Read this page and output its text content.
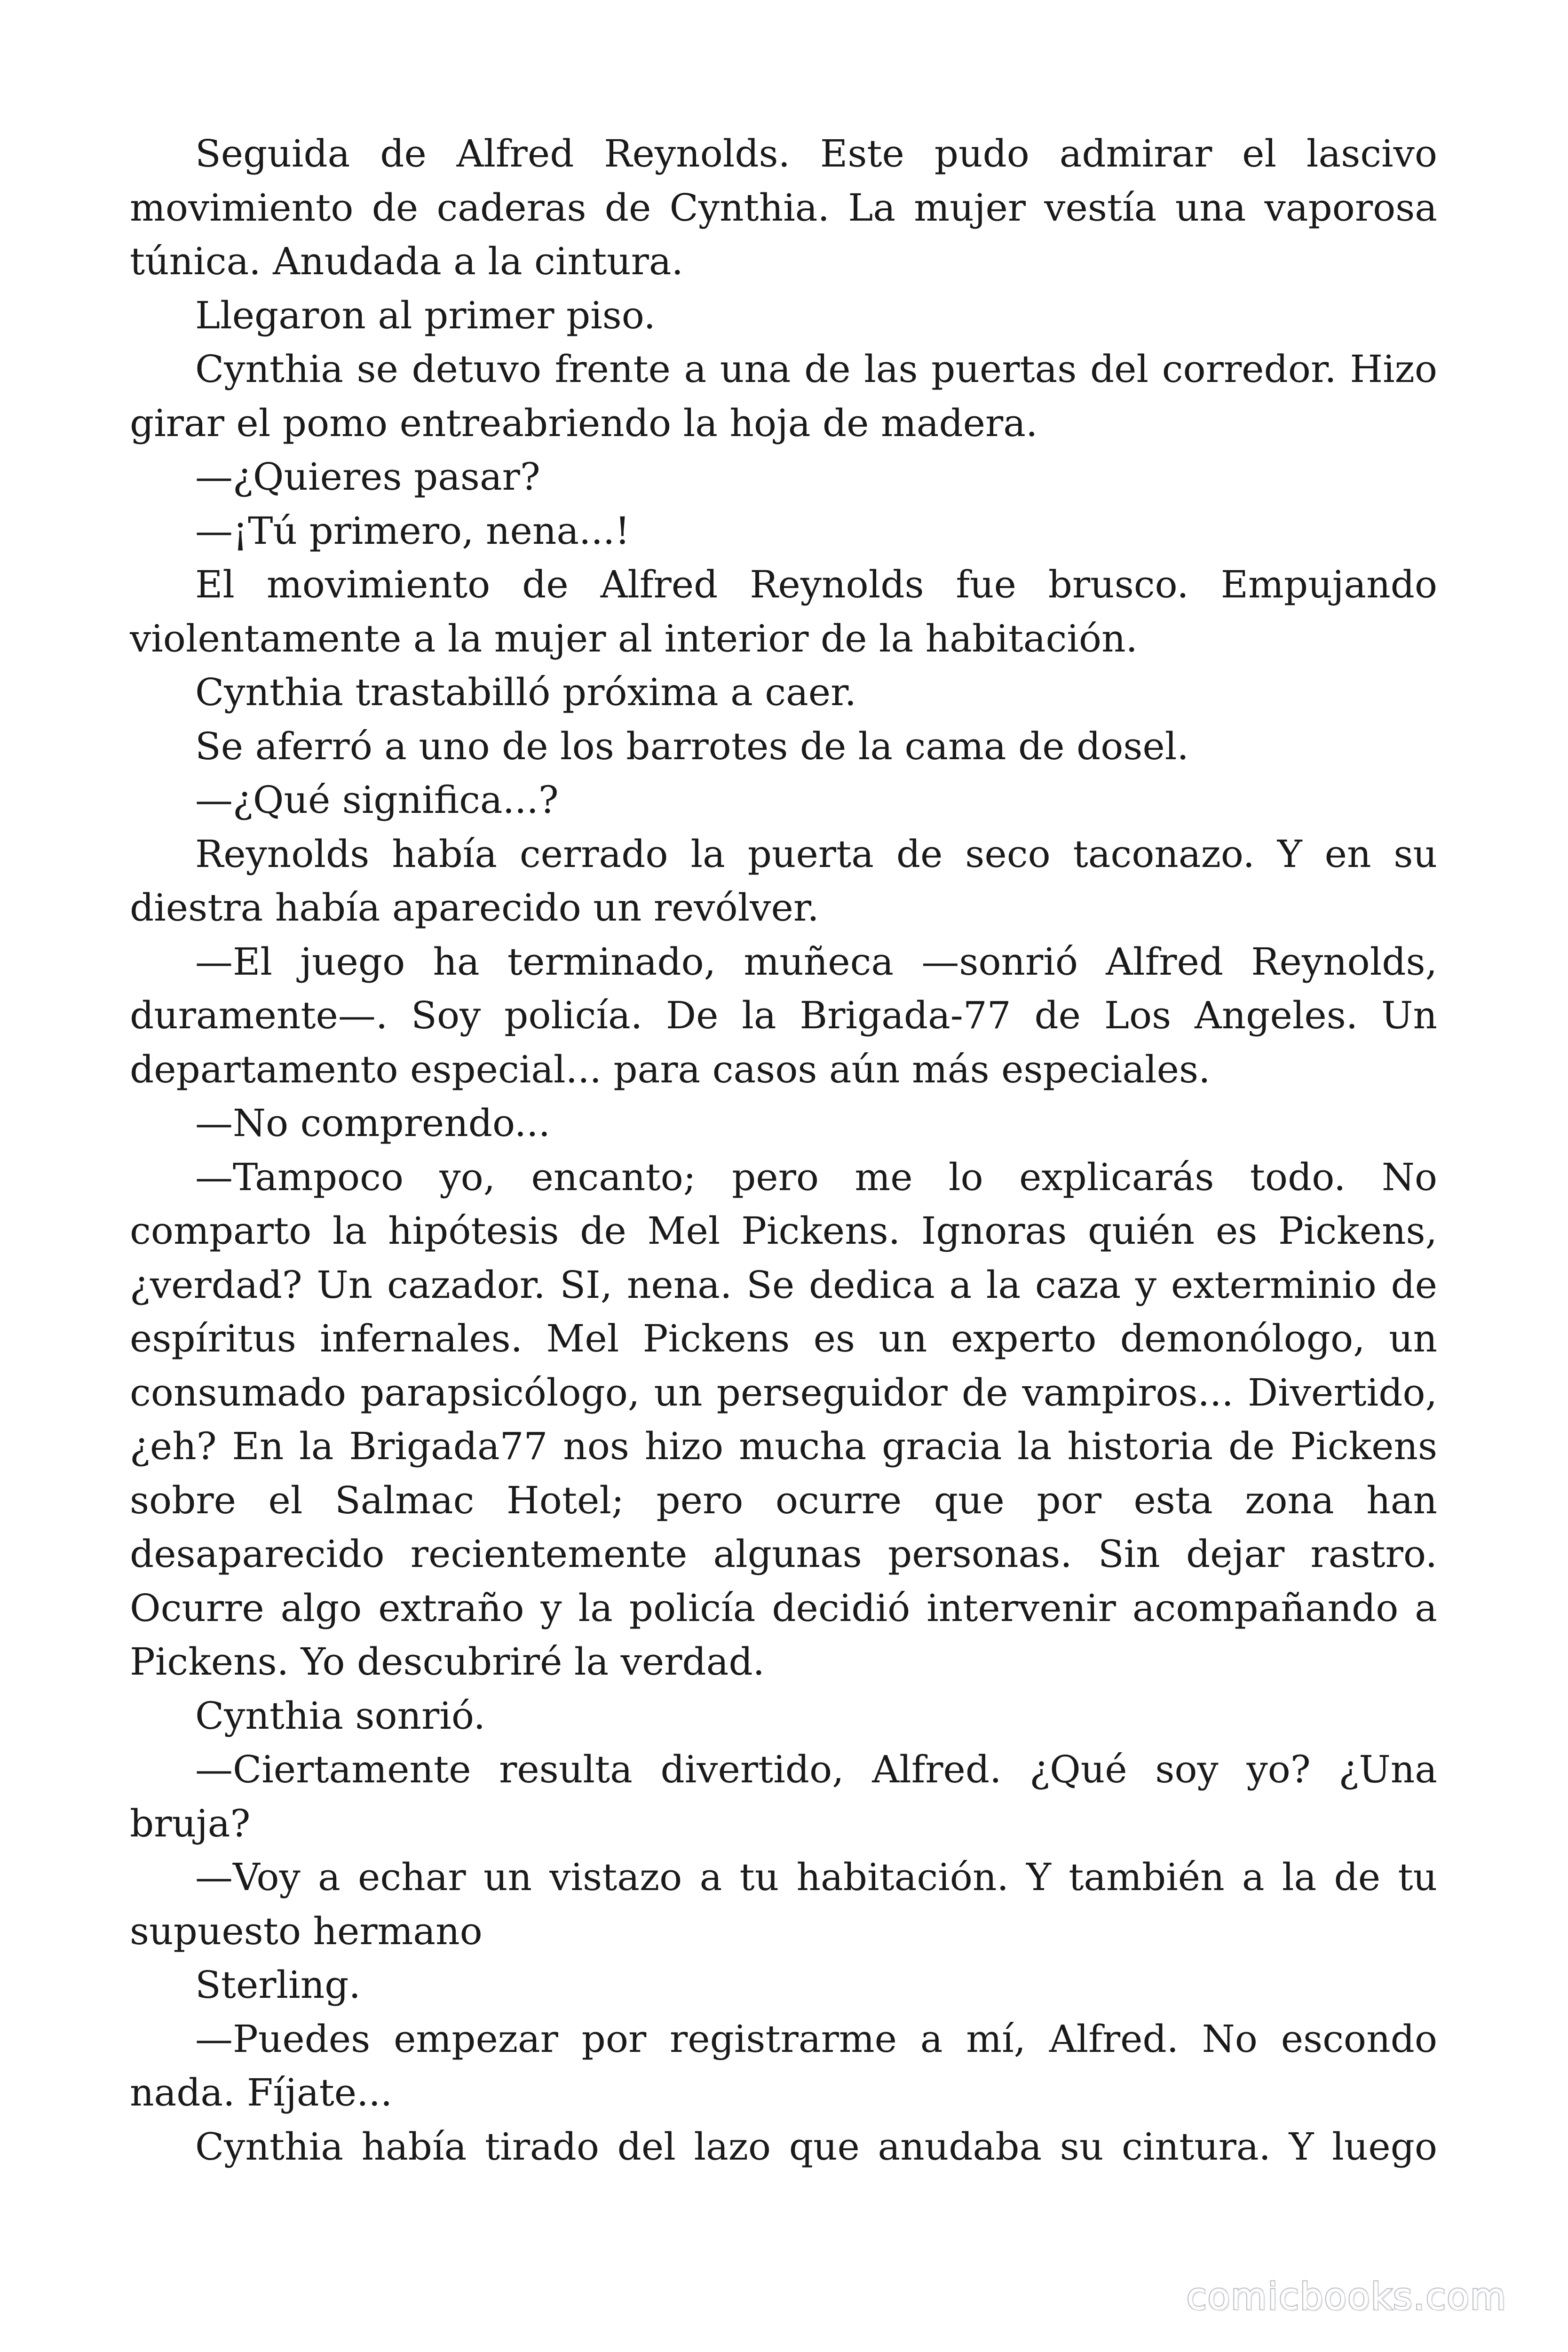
Seguida de Alfred Reynolds. Este pudo admirar el lascivo movimiento de caderas de Cynthia. La mujer vestía una vaporosa túnica. Anudada a la cintura.

Llegaron al primer piso.

Cynthia se detuvo frente a una de las puertas del corredor. Hizo girar el pomo entreabriendo la hoja de madera.

—¿Quieres pasar?

—¡Tú primero, nena...!

El movimiento de Alfred Reynolds fue brusco. Empujando violentamente a la mujer al interior de la habitación.

Cynthia trastabilló próxima a caer.

Se aferró a uno de los barrotes de la cama de dosel.

—¿Qué significa...?

Reynolds había cerrado la puerta de seco taconazo. Y en su diestra había aparecido un revólver.

—El juego ha terminado, muñeca —sonrió Alfred Reynolds, duramente—. Soy policía. De la Brigada-77 de Los Angeles. Un departamento especial... para casos aún más especiales.

—No comprendo...

—Tampoco yo, encanto; pero me lo explicarás todo. No comparto la hipótesis de Mel Pickens. Ignoras quién es Pickens, ¿verdad? Un cazador. SI, nena. Se dedica a la caza y exterminio de espíritus infernales. Mel Pickens es un experto demonólogo, un consumado parapsicólogo, un perseguidor de vampiros... Divertido, ¿eh? En la Brigada77 nos hizo mucha gracia la historia de Pickens sobre el Salmac Hotel; pero ocurre que por esta zona han desaparecido recientemente algunas personas. Sin dejar rastro. Ocurre algo extraño y la policía decidió intervenir acompañando a Pickens. Yo descubriré la verdad.

Cynthia sonrió.

—Ciertamente resulta divertido, Alfred. ¿Qué soy yo? ¿Una bruja?

—Voy a echar un vistazo a tu habitación. Y también a la de tu supuesto hermano

Sterling.

—Puedes empezar por registrarme a mí, Alfred. No escondo nada. Fíjate...

Cynthia había tirado del lazo que anudaba su cintura. Y luego

comicbooks.com
